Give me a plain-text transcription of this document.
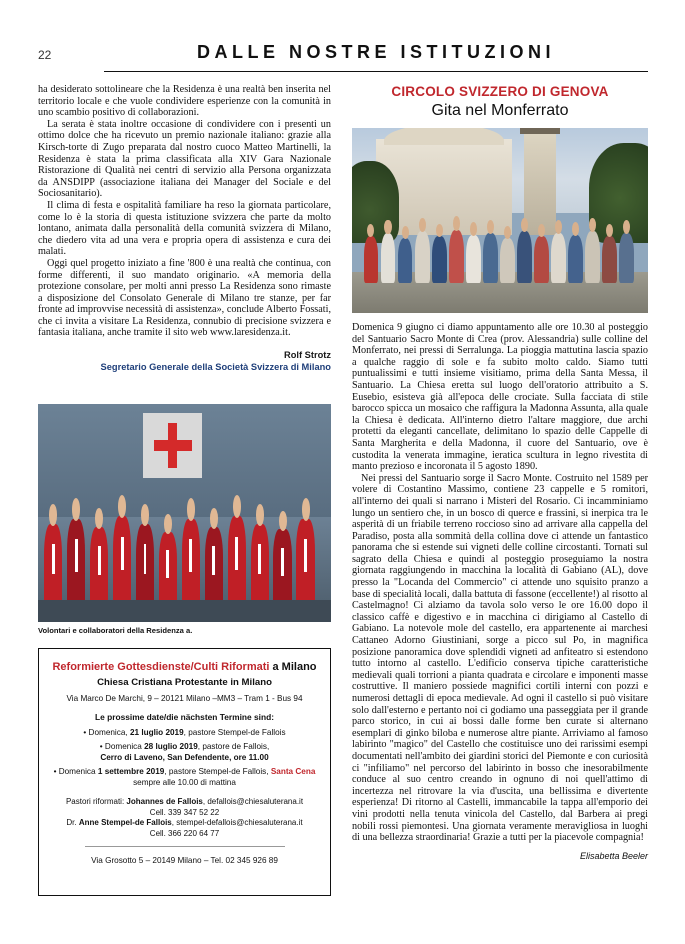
22	DALLE NOSTRE ISTITUZIONI

ha desiderato sottolineare che la Residenza è una realtà ben inserita nel territorio locale e che vuole condividere esperienze con la comunità in uno scambio positivo di collaborazioni.

La serata è stata inoltre occasione di condividere con i presenti un ottimo dolce che ha ricevuto un premio nazionale italiano: grazie alla Kirsch-torte di Zugo preparata dal nostro cuoco Matteo Martinelli, la Residenza è stata la prima classificata alla XIV Gara Nazionale Ristorazione di Qualità nei centri di servizio alla Persona organizzata da ANSDIPP (associazione italiana dei Manager del Sociale e del Sociosanitario).

Il clima di festa e ospitalità familiare ha reso la giornata particolare, come lo è la storia di questa istituzione svizzera che parte da molto lontano, animata dalla personalità della comunità svizzera di Milano, che diedero vita ad una vera e propria opera di assistenza e cura dei malati.

Oggi quel progetto iniziato a fine '800 è una realtà che continua, con forme differenti, il suo mandato originario. «A memoria della protezione consolare, per molti anni presso La Residenza sono rimaste a disposizione del Consolato Generale di Milano tre stanze, per far fronte ad improvvise necessità di assistenza», conclude Alberto Fossati, che ci invita a visitare La Residenza, connubio di precisione svizzera e fantasia italiana, anche tramite il sito web www.laresidenza.it.

Rolf Strotz
Segretario Generale della Società Svizzera di Milano
Volontari e collaboratori della Residenza a.
Reformierte Gottesdienste/Culti Riformati a Milano
Chiesa Cristiana Protestante in Milano
Via Marco De Marchi, 9 – 20121 Milano –MM3 – Tram 1 - Bus 94
Le prossime date/die nächsten Termine sind:
• Domenica, 21 luglio 2019, pastore Stempel-de Fallois
• Domenica 28 luglio 2019, pastore de Fallois,
Cerro di Laveno, San Defendente, ore 11.00
• Domenica 1 settembre 2019, pastore Stempel-de Fallois, Santa Cena
sempre alle 10.00 di mattina
Pastori riformati: Johannes de Fallois, defallois@chiesaluterana.it
Cell. 339 347 52 22
Dr. Anne Stempel-de Fallois, stempel-defallois@chiesaluterana.it
Cell. 366 220 64 77
Via Grosotto 5 – 20149 Milano – Tel. 02 345 926 89
CIRCOLO SVIZZERO DI GENOVA
Gita nel Monferrato

Domenica 9 giugno ci diamo appuntamento alle ore 10.30 al posteggio del Santuario Sacro Monte di Crea (prov. Alessandria) sulle colline del Monferrato, nei pressi di Serralunga. La pioggia mattutina lascia spazio a qualche raggio di sole e fa subito molto caldo. Siamo tutti puntualissimi e tutti insieme visitiamo, prima della Santa Messa, il Santuario. La Chiesa eretta sul luogo dell'oratorio attribuito a S. Eusebio, esisteva già all'epoca delle crociate. Sulla facciata di stile barocco spicca un mosaico che raffigura la Madonna Assunta, alla quale la Chiesa è dedicata. All'interno dietro l'altare maggiore, due archi protetti da eleganti cancellate, delimitano lo spazio delle Cappelle di Santa Margherita e della Madonna, il cuore del Santuario, ove è custodita la venerata immagine, ieratica scultura in legno rivestita di manto prezioso e incoronata il 5 agosto 1890.

Nei pressi del Santuario sorge il Sacro Monte. Costruito nel 1589 per volere di Costantino Massimo, contiene 23 cappelle e 5 romitori, all'interno dei quali si narrano i Misteri del Rosario. Ci incamminiamo lungo un sentiero che, in un bosco di querce e frassini, si inerpica tra le asperità di un friabile terreno roccioso sino ad arrivare alla cappella del Paradiso, posta alla sommità della collina dove ci attende un fantastico panorama che si estende sui vigneti delle colline circostanti. Tornati sul sagrato della Chiesa e quindi al posteggio proseguiamo la nostra giornata raggiungendo in macchina la località di Gabiano (AL), dove presso la "Locanda del Commercio" ci attende uno squisito pranzo a base di specialità locali, dalla battuta di fassone (eccellente!) al risotto al Castelmagno! Ci alziamo da tavola solo verso le ore 16.00 dopo il classico caffè e digestivo e in macchina ci dirigiamo al Castello di Gabiano. La notevole mole del castello, era appartenente ai marchesi Cattaneo Adorno Giustiniani, sorge a picco sul Po, in magnifica posizione panoramica dove splendidi vigneti ad anfiteatro si estendono tutto intorno al castello. L'edificio conserva tipiche caratteristiche medievali quali torrioni a pianta quadrata e circolare e imponenti masse costruttive. Il maniero possiede magnifici cortili interni con pozzi e numerosi dettagli di epoca medievale. Ad ogni il castello si può visitare solo dall'esterno e pertanto noi ci godiamo una passeggiata per il grande parco storico, in cui ai bossi dalle forme ben curate si alternano esemplari di ginko biloba e numerose altre piante. Arriviamo al famoso labirinto "magico" del Castello che costituisce uno dei rarissimi esempi documentati nell'ambito dei giardini storici del Piemonte e con curiosità ci "infiliamo" nel percorso del labirinto in bosso che inesorabilmente conduce al suo centro creando in ognuno di noi quell'attimo di incertezza nel ritrovare la via d'uscita, una bellissima e divertente esperienza! Di ritorno al Castelli, immancabile la tappa all'emporio dei vini prodotti nella tenuta vinicola del Castello, dal Barbera ai pregi nobili rossi piemontesi. Una giornata veramente meravigliosa in luoghi di una bellezza straordinaria! Grazie a tutti per la piacevole compagnia!

Elisabetta Beeler
